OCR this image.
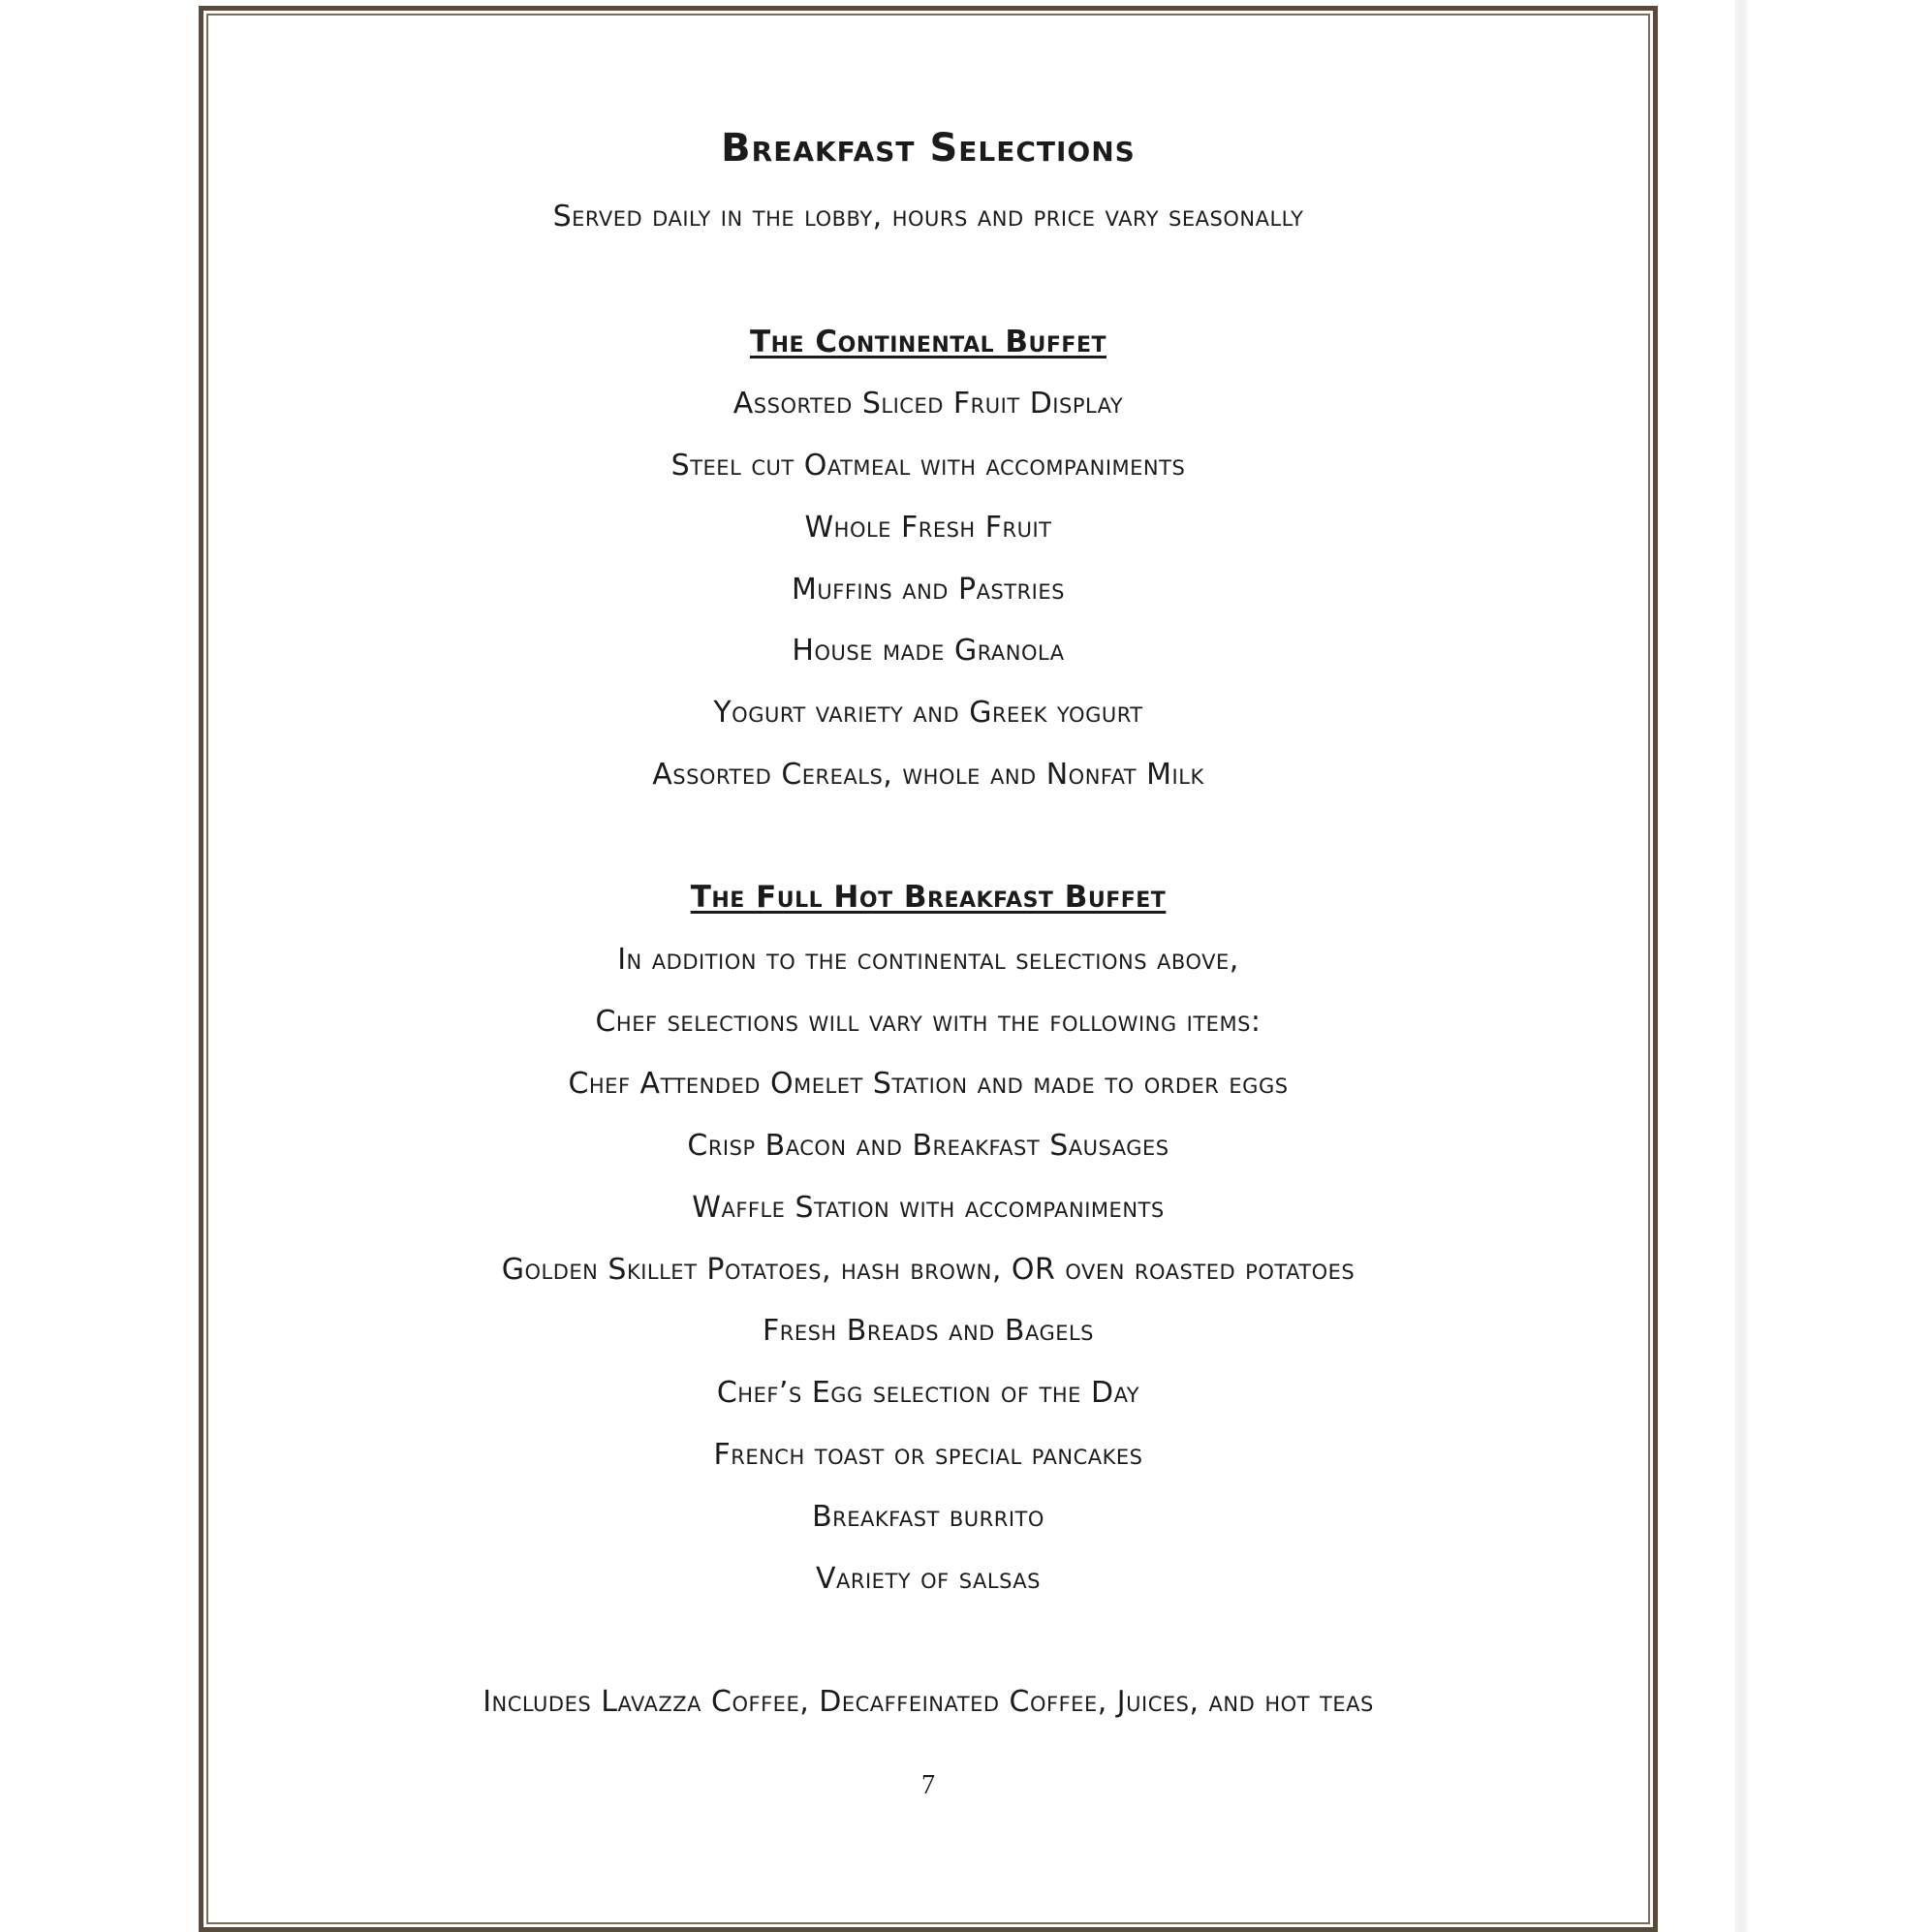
Breakfast Selections
Served daily in the lobby, hours and price vary seasonally
The Continental Buffet
Assorted Sliced Fruit Display
Steel cut Oatmeal with accompaniments
Whole Fresh Fruit
Muffins and Pastries
House made Granola
Yogurt variety and Greek yogurt
Assorted Cereals, whole and Nonfat Milk
The Full Hot Breakfast Buffet
In addition to the continental selections above,
Chef selections will vary with the following items:
Chef Attended Omelet Station and made to order eggs
Crisp Bacon and Breakfast Sausages
Waffle Station with accompaniments
Golden Skillet Potatoes, hash brown, OR oven roasted potatoes
Fresh Breads and Bagels
Chef’s Egg selection of the Day
French toast or special pancakes
Breakfast burrito
Variety of salsas
Includes Lavazza Coffee, Decaffeinated Coffee, Juices, and hot teas
7
